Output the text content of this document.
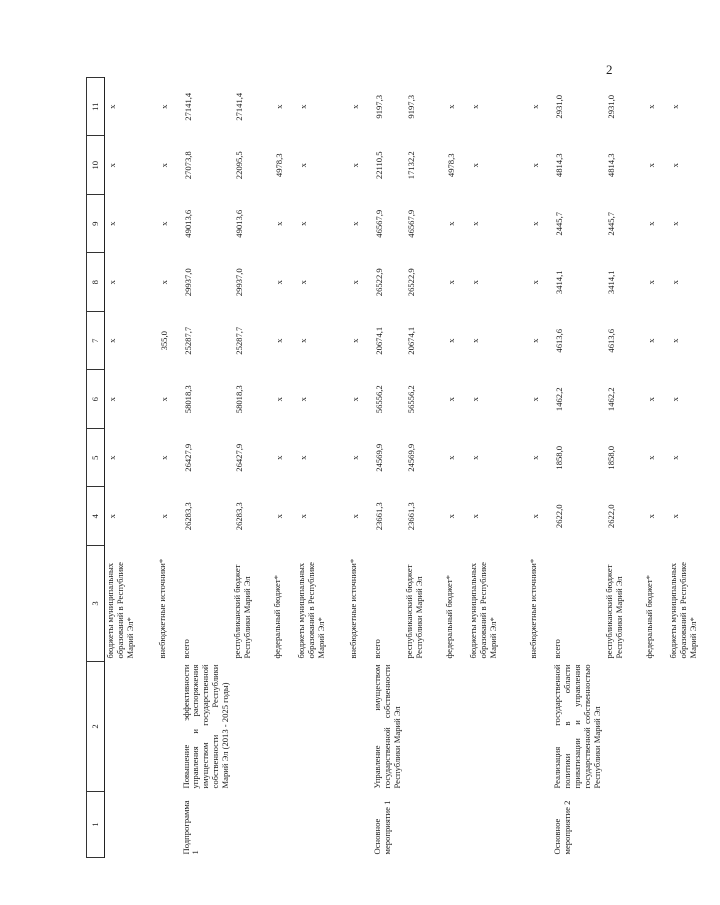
2
1	2	3	4	5	6	7	8	9	10	11
		бюджеты муниципальных образований в Республике Марий Эл*	х	х	х	х	х	х	х	х
		внебюджетные источники*	х	х	х	355,0	х	х	х	х
Подпрограмма 1	Повышение эффективности управления и распоряжения имуществом государственной собственности Республики Марий Эл (2013 - 2025 годы)	всего	26283,3	26427,9	58018,3	25287,7	29937,0	49013,6	27073,8	27141,4
		республиканский бюджет Республики Марий Эл	26283,3	26427,9	58018,3	25287,7	29937,0	49013,6	22095,5	27141,4
		федеральный бюджет*	х	х	х	х	х	х	4978,3	х
		бюджеты муниципальных образований в Республике Марий Эл*	х	х	х	х	х	х	х	х
		внебюджетные источники*	х	х	х	х	х	х	х	х
Основное мероприятие 1	Управление имуществом государственной собственности Республики Марий Эл	всего	23661,3	24569,9	56556,2	20674,1	26522,9	46567,9	22110,5	9197,3
		республиканский бюджет Республики Марий Эл	23661,3	24569,9	56556,2	20674,1	26522,9	46567,9	17132,2	9197,3
		федеральный бюджет*	х	х	х	х	х	х	4978,3	х
		бюджеты муниципальных образований в Республике Марий Эл*	х	х	х	х	х	х	х	х
		внебюджетные источники*	х	х	х	х	х	х	х	х
Основное мероприятие 2	Реализация государственной политики в области приватизации и управления государственной собственностью Республики Марий Эл	всего	2622,0	1858,0	1462,2	4613,6	3414,1	2445,7	4814,3	2931,0
		республиканский бюджет Республики Марий Эл	2622,0	1858,0	1462,2	4613,6	3414,1	2445,7	4814,3	2931,0
		федеральный бюджет*	х	х	х	х	х	х	х	х
		бюджеты муниципальных образований в Республике Марий Эл*	х	х	х	х	х	х	х	х
